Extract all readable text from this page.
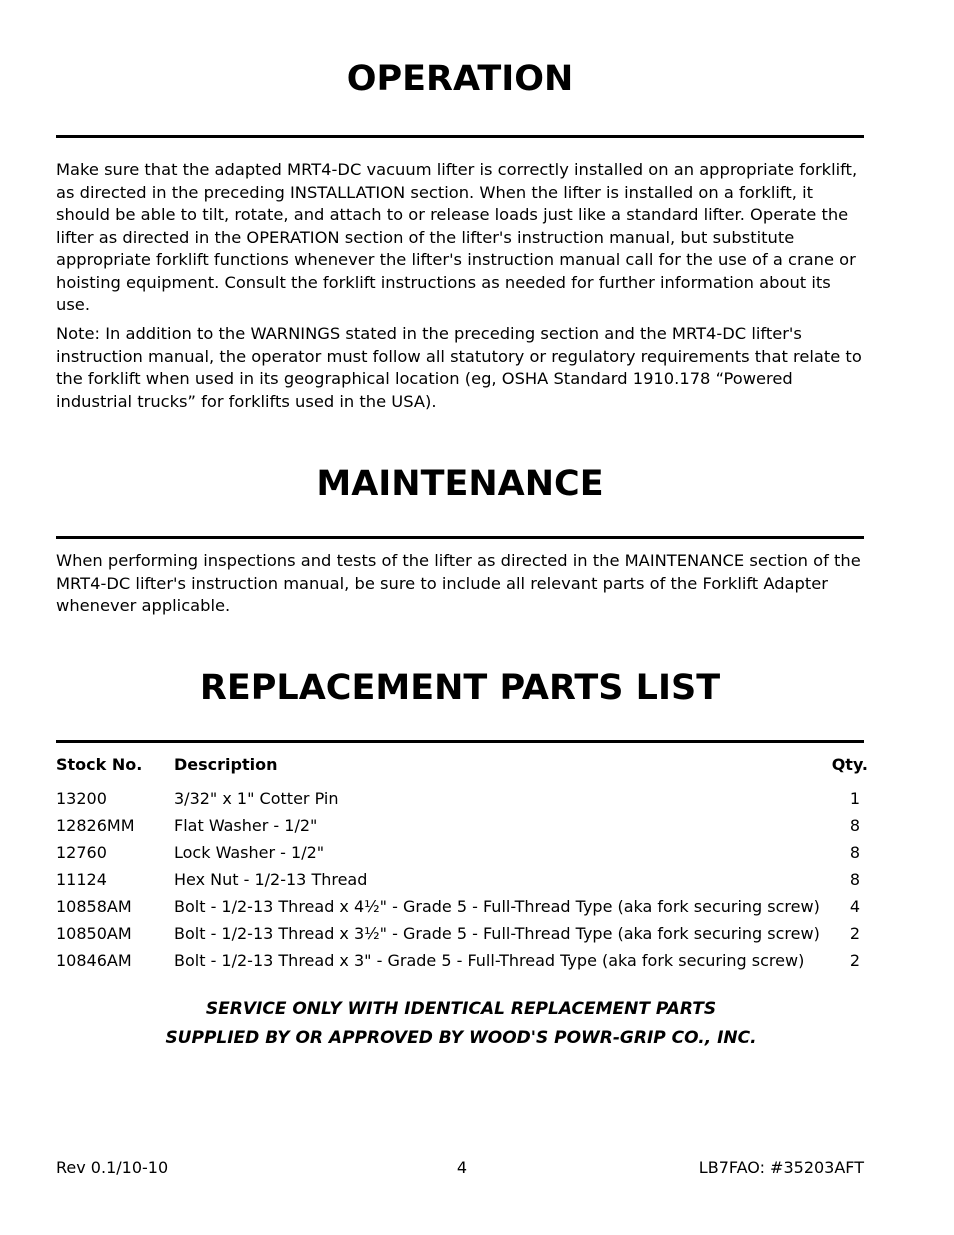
OPERATION

Make sure that the adapted MRT4-DC vacuum lifter is correctly installed on an appropriate forklift, as directed in the preceding INSTALLATION section. When the lifter is installed on a forklift, it should be able to tilt, rotate, and attach to or release loads just like a standard lifter. Operate the lifter as directed in the OPERATION section of the lifter's instruction manual, but substitute appropriate forklift functions whenever the lifter's instruction manual call for the use of a crane or hoisting equipment. Consult the forklift instructions as needed for further information about its use.

Note: In addition to the WARNINGS stated in the preceding section and the MRT4-DC lifter's instruction manual, the operator must follow all statutory or regulatory requirements that relate to the forklift when used in its geographical location (eg, OSHA Standard 1910.178 “Powered industrial trucks” for forklifts used in the USA).

MAINTENANCE

When performing inspections and tests of the lifter as directed in the MAINTENANCE section of the MRT4-DC lifter's instruction manual, be sure to include all relevant parts of the Forklift Adapter whenever applicable.

REPLACEMENT PARTS LIST
Stock No.	Description	Qty.
13200	3/32" x 1" Cotter Pin	1
12826MM	Flat Washer - 1/2"	8
12760	Lock Washer - 1/2"	8
11124	Hex Nut - 1/2-13 Thread	8
10858AM	Bolt - 1/2-13 Thread x 4½" - Grade 5 - Full-Thread Type (aka fork securing screw)	4
10850AM	Bolt - 1/2-13 Thread x 3½" - Grade 5 - Full-Thread Type (aka fork securing screw)	2
10846AM	Bolt - 1/2-13 Thread x 3" - Grade 5 - Full-Thread Type (aka fork securing screw)	2

SERVICE ONLY WITH IDENTICAL REPLACEMENT PARTS

SUPPLIED BY OR APPROVED BY WOOD'S POWR-GRIP CO., INC.

Rev 0.1/10-10	4	LB7FAO: #35203AFT
